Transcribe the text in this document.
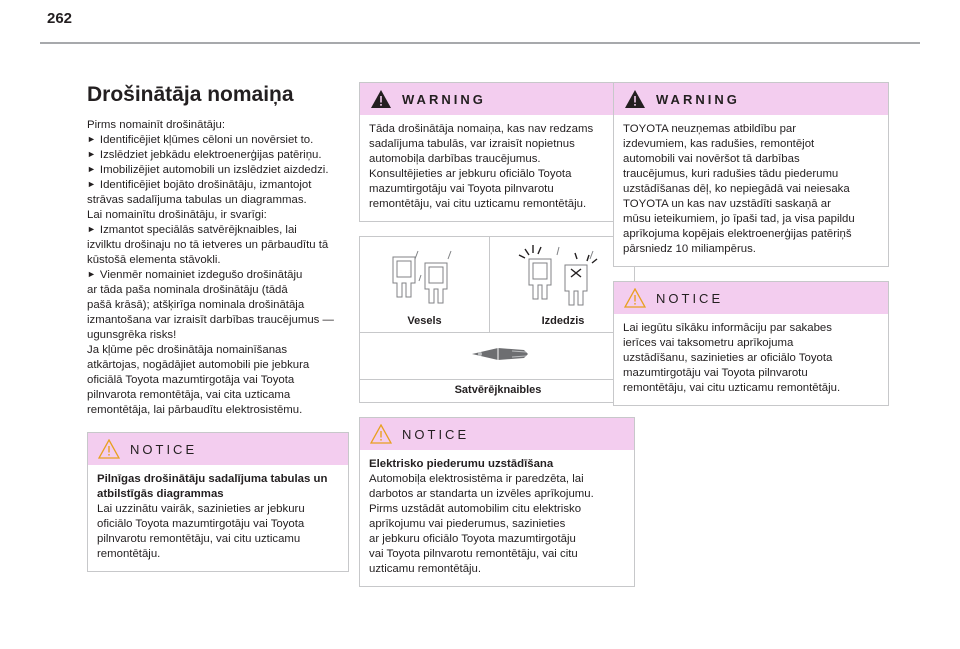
262
Drošinātāja nomaiņa

Pirms nomainīt drošinātāju:

► Identificējiet kļūmes cēloni un novērsiet to.

► Izslēdziet jebkādu elektroenerģijas patēriņu.

► Imobilizējiet automobili un izslēdziet aizdedzi.

► Identificējiet bojāto drošinātāju, izmantojot

strāvas sadalījuma tabulas un diagrammas.

Lai nomainītu drošinātāju, ir svarīgi:

► Izmantot speciālās satvērējknaibles, lai

izvilktu drošinaju no tā ietveres un pārbaudītu tā

kūstošā elementa stāvokli.

► Vienmēr nomainiet izdegušo drošinātāju

ar tāda paša nominala drošinātāju (tādā

pašā krāsā); atšķirīga nominala drošinātāja

izmantošana var izraisīt darbības traucējumus —

ugunsgrēka risks!

Ja kļūme pēc drošinātāja nomainīšanas

atkārtojas, nogādājiet automobili pie jebkura

oficiālā Toyota mazumtirgotāja vai Toyota

pilnvarota remontētāja, vai cita uzticama

remontētāja, lai pārbaudītu elektrosistēmu.

NOTICE
Pilnīgas drošinātāju sadalījuma tabulas un
atbilstīgās diagrammas
Lai uzzinātu vairāk, sazinieties ar jebkuru
oficiālo Toyota mazumtirgotāju vai Toyota
pilnvarotu remontētāju, vai citu uzticamu
remontētāju.
WARNING
Tāda drošinātāja nomaiņa, kas nav redzams
sadalījuma tabulās, var izraisīt nopietnus
automobiļa darbības traucējumus.
Konsultējieties ar jebkuru oficiālo Toyota
mazumtirgotāju vai Toyota pilnvarotu
remontētāju, vai citu uzticamu remontētāju.
Vesels	Izdedzis
Satvērējknaibles
NOTICE
Elektrisko piederumu uzstādīšana
Automobiļa elektrosistēma ir paredzēta, lai
darbotos ar standarta un izvēles aprīkojumu.
Pirms uzstādāt automobilim citu elektrisko
aprīkojumu vai piederumus, sazinieties
ar jebkuru oficiālo Toyota mazumtirgotāju
vai Toyota pilnvarotu remontētāju, vai citu
uzticamu remontētāju.
WARNING
TOYOTA neuzņemas atbildību par
izdevumiem, kas radušies, remontējot
automobili vai novēršot tā darbības
traucējumus, kuri radušies tādu piederumu
uzstādīšanas dēļ, ko nepiegādā vai neiesaka
TOYOTA un kas nav uzstādīti saskaņā ar
mūsu ieteikumiem, jo īpaši tad, ja visa papildu
aprīkojuma kopējais elektroenerģijas patēriņš
pārsniedz 10 miliampērus.
NOTICE
Lai iegūtu sīkāku informāciju par sakabes
ierīces vai taksometru aprīkojuma
uzstādīšanu, sazinieties ar oficiālo Toyota
mazumtirgotāju vai Toyota pilnvarotu
remontētāju, vai citu uzticamu remontētāju.
